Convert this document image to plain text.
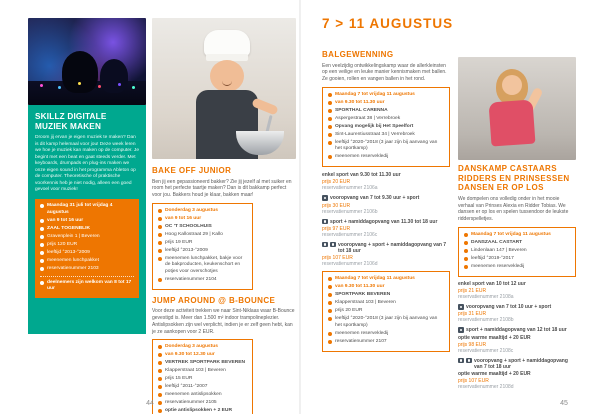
SKILLZ DIGITALE MUZIEK MAKEN

Droom jij ervan je eigen muziek te maken? Dan is dit kamp helemaal voor jou! Deze week leren we hoe je muziek kan maken op de computer. Je begint met een beat en gaat steeds verder. Met keyboards, drumpads en plug-ins maken we onze eigen sound in het programma Ableton op de computer. Theoretische of praktische voorkennis heb je niet nodig, alleen een goed gevoel voor muziek!

Maandag 31 juli tot vrijdag 4 augustus
van 9 tot 16 uur
ZAAL TOGENBLIK
Gravenplein 1 | Beveren
prijs 120 EUR
leeftijd °2013-°2009
meenemen lunchpakket
reservatienummer 2103
deelnemers zijn welkom van 8 tot 17 uur
BAKE OFF JUNIOR

Ben jij een gepassioneerd bakker? Zie jij jezelf al met suiker en room het perfecte taartje maken? Dan is dit bakkamp perfect voor jou. Bakkers houd je klaar, bakken maar!

Donderdag 3 augustus
van 9 tot 16 uur
OC 'T SCHOOLHUIS
Hoog Kallostraat 29 | Kallo
prijs 19 EUR
leeftijd °2013-°2009
meenemen lunchpakket, bakje voor de bakproducten, keukenschort en potjes voor overschotjes
reservatienummer 2104
JUMP AROUND @ B-BOUNCE

Voor deze activiteit trekken we naar Sint-Niklaas waar B-Bounce gevestigd is. Meer dan 1.500 m² indoor trampolineplezier. Antislipsokken zijn wel verplicht, indien je er zelf geen hebt, kan je ze aankopen voor 2 EUR.

Donderdag 3 augustus
van 9.30 tot 12.30 uur
VERTREK SPORTPARK BEVEREN
Klapperstraat 103 | Beveren
prijs 15 EUR
leeftijd °2011-°2007
meenemen antislipsokken
reservatienummer 2105
optie antislipsokken + 2 EUR
44
7 > 11 AUGUSTUS
BALGEWENNING

Een veelzijdig ontwikkelingskamp waar de allerkleinsten op een veilige en leuke manier kennismaken met ballen. Ze gooien, rollen en vangen ballen in het rond.

Maandag 7 tot vrijdag 11 augustus
van 9.30 tot 11.30 uur
SPORTHAL CARENNA
Aspergestraat 38 | Verrebroek
Opvang mogelijk bij Het Speelfort
Sint-Laurentiusstraat 34 | Verrebroek
leeftijd °2020-°2018 (3 jaar zijn bij aanvang van het sportkamp)
meenemen reservekledij
enkel sport van 9.30 tot 11.30 uur
prijs 20 EUR
reservatienummer 2106a
vooropvang van 7 tot 9.30 uur + sport
prijs 30 EUR
reservatienummer 2106b
sport + namiddagopvang van 11.30 tot 18 uur
prijs 97 EUR
reservatienummer 2106c
vooropvang + sport + namiddagopvang van 7 tot 18 uur
prijs 107 EUR
reservatienummer 2106d
Maandag 7 tot vrijdag 11 augustus
van 9.30 tot 11.30 uur
SPORTPARK BEVEREN
Klapperstraat 103 | Beveren
prijs 20 EUR
leeftijd °2020-°2018 (3 jaar zijn bij aanvang van het sportkamp)
meenemen reservekledij
reservatienummer 2107
DANSKAMP CASTAARS RIDDERS EN PRINSESSEN DANSEN ER OP LOS

We dompelen ons volledig onder in het mooie verhaal van Prinses Alexia en Ridder Tobias. We dansen er op los en spelen tussendoor de leukste ridderspelletjes.

Maandag 7 tot vrijdag 11 augustus
DANSZAAL CASTART
Lindenlaan 147 | Beveren
leeftijd °2019-°2017
meenemen reservekledij
enkel sport van 10 tot 12 uur
prijs 21 EUR
reservatienummer 2108a
vooropvang van 7 tot 10 uur + sport
prijs 31 EUR
reservatienummer 2108b
sport + namiddagopvang van 12 tot 18 uur
optie warme maaltijd + 20 EUR
prijs 98 EUR
reservatienummer 2108c
vooropvang + sport + namiddagopvang van 7 tot 18 uur
optie warme maaltijd + 20 EUR
prijs 107 EUR
reservatienummer 2108d
45
